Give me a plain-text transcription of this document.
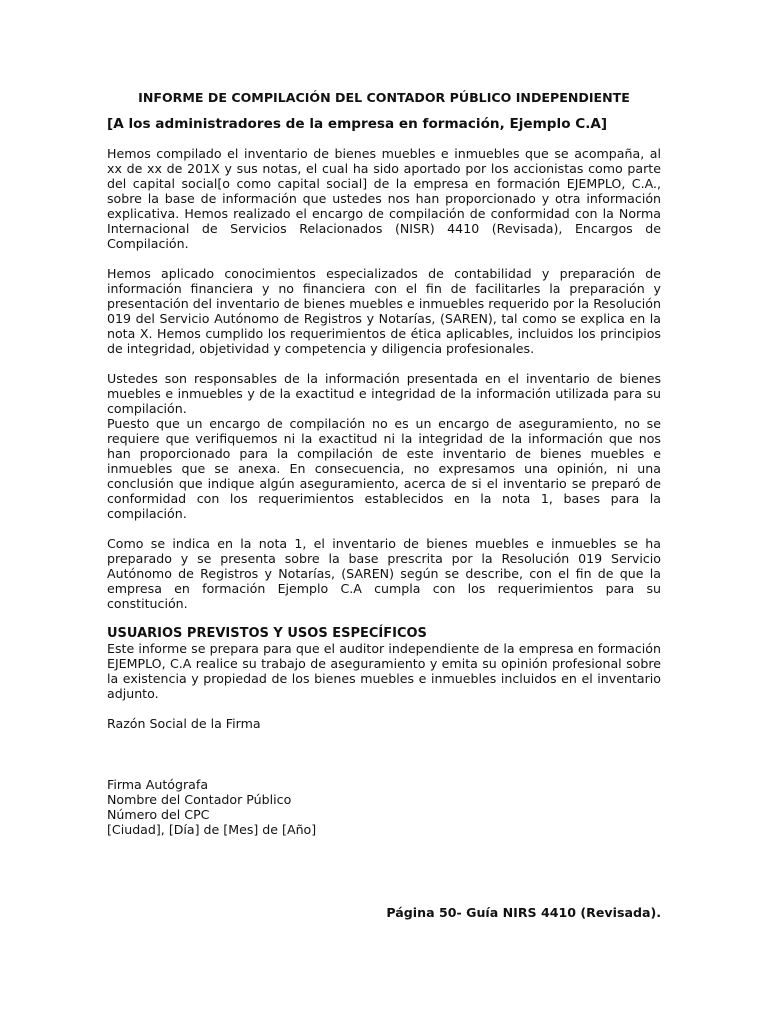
INFORME DE COMPILACIÓN DEL CONTADOR PÚBLICO INDEPENDIENTE
[A los administradores de la empresa en formación, Ejemplo C.A]
Hemos compilado el inventario de bienes muebles e inmuebles que se acompaña, al xx de xx de 201X y sus notas, el cual ha sido aportado por los accionistas como parte del capital social[o como capital social] de la empresa en formación EJEMPLO, C.A., sobre la base de información que ustedes nos han proporcionado y otra información explicativa. Hemos realizado el encargo de compilación de conformidad con la Norma Internacional de Servicios Relacionados (NISR) 4410 (Revisada), Encargos de Compilación.
Hemos aplicado conocimientos especializados de contabilidad y preparación de información financiera y no financiera con el fin de facilitarles la preparación y presentación del inventario de bienes muebles e inmuebles requerido por la Resolución 019 del Servicio Autónomo de Registros y Notarías, (SAREN), tal como se explica en la nota X. Hemos cumplido los requerimientos de ética aplicables, incluidos los principios de integridad, objetividad y competencia y diligencia profesionales.
Ustedes son responsables de la información presentada en el inventario de bienes muebles e inmuebles y de la exactitud e integridad de la información utilizada para su compilación.
Puesto que un encargo de compilación no es un encargo de aseguramiento, no se requiere que verifiquemos ni la exactitud ni la integridad de la información que nos han proporcionado para la compilación de este inventario de bienes muebles e inmuebles que se anexa. En consecuencia, no expresamos una opinión, ni una conclusión que indique algún aseguramiento, acerca de si el inventario se preparó de conformidad con los requerimientos establecidos en la nota 1, bases para la compilación.
Como se indica en la nota 1, el inventario de bienes muebles e inmuebles se ha preparado y se presenta sobre la base prescrita por la Resolución 019 Servicio Autónomo de Registros y Notarías, (SAREN) según se describe, con el fin de que la empresa en formación Ejemplo C.A cumpla con los requerimientos para su constitución.
USUARIOS PREVISTOS Y USOS ESPECÍFICOS
Este informe se prepara para que el auditor independiente de la empresa en formación EJEMPLO, C.A realice su trabajo de aseguramiento y emita su opinión profesional sobre la existencia y propiedad de los bienes muebles e inmuebles incluidos en el inventario adjunto.
Razón Social de la Firma
Firma Autógrafa
Nombre del Contador Público
Número del CPC
[Ciudad], [Día] de [Mes] de [Año]
Página 50- Guía NIRS 4410 (Revisada).
